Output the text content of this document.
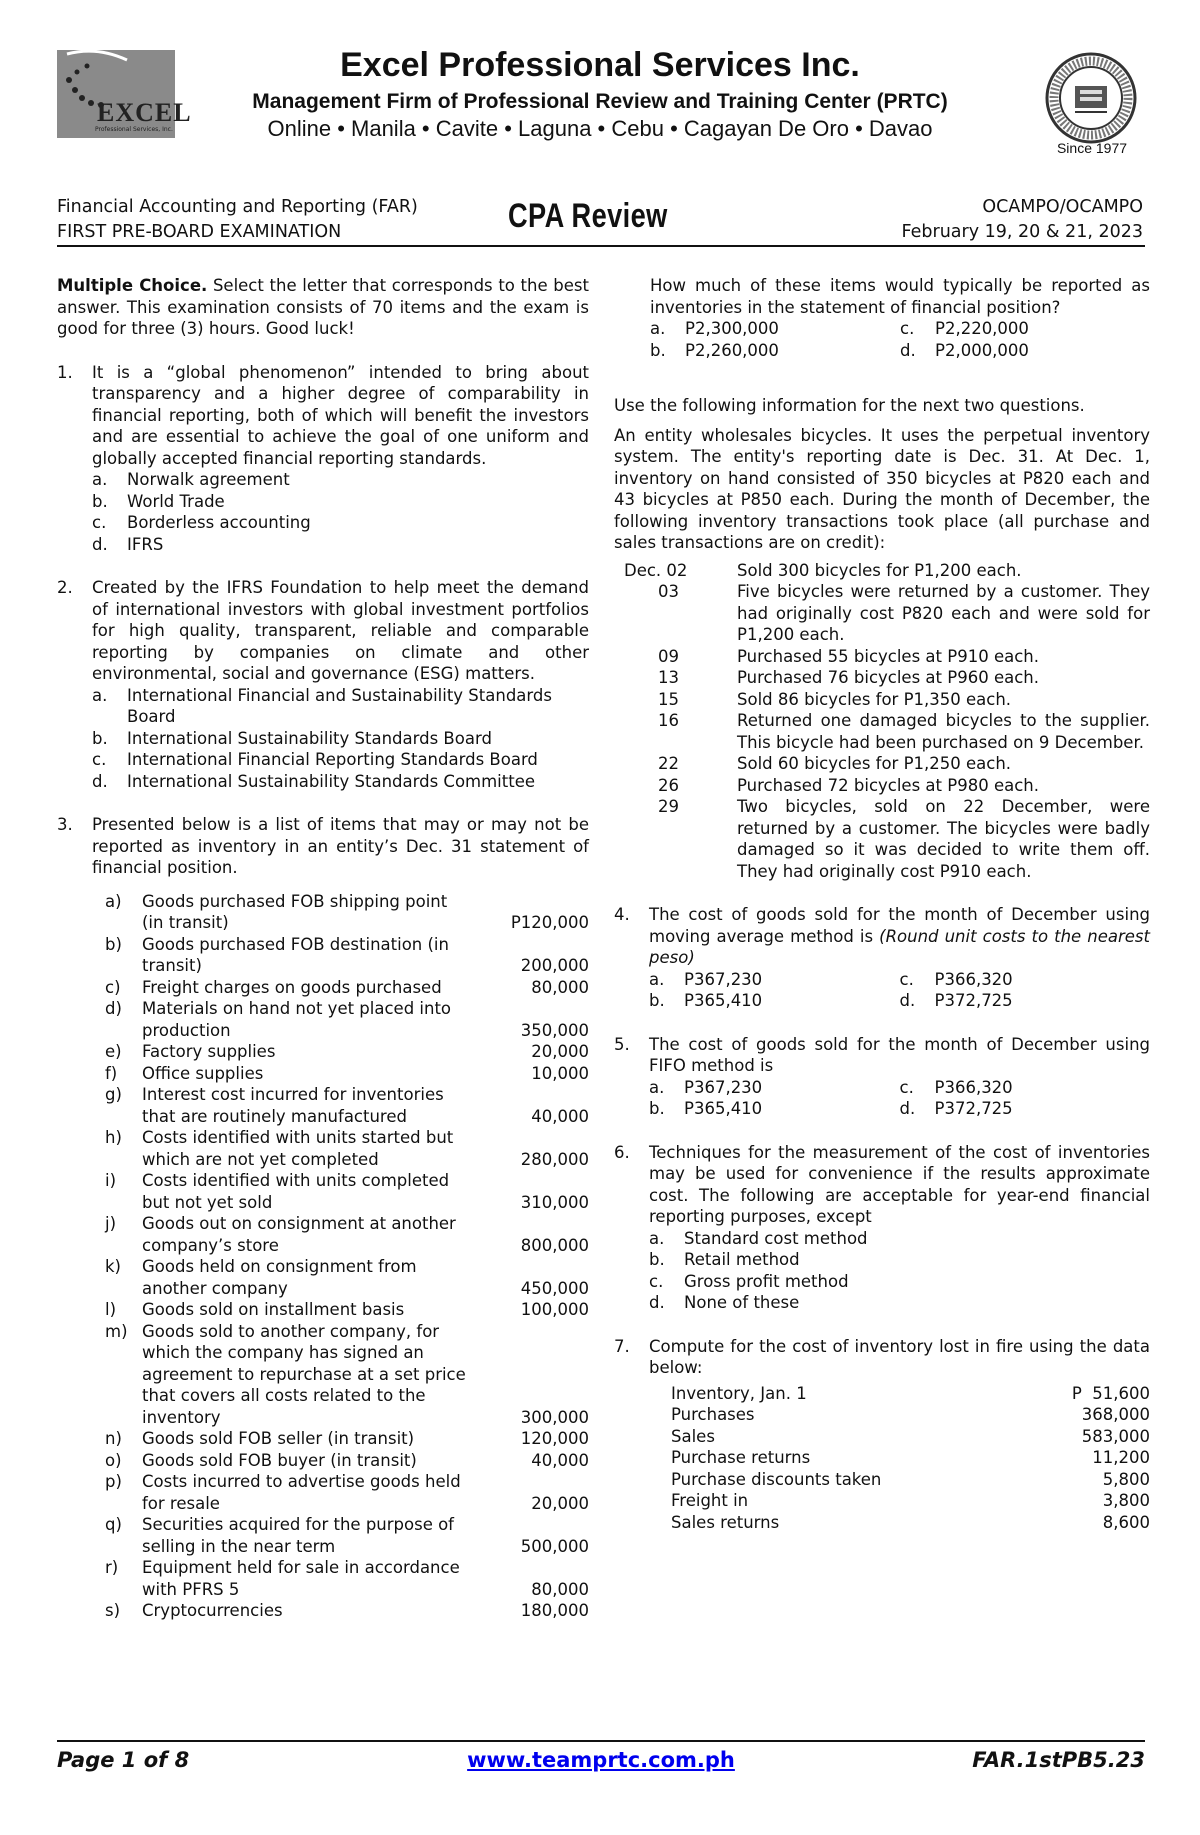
EXCEL
Professional Services, Inc.
Excel Professional Services Inc.
Management Firm of Professional Review and Training Center (PRTC)
Online • Manila • Cavite • Laguna • Cebu • Cagayan De Oro • Davao
Since 1977
Financial Accounting and Reporting (FAR)
FIRST PRE-BOARD EXAMINATION	CPA Review	OCAMPO/OCAMPO
February 19, 20 & 21, 2023

Multiple Choice. Select the letter that corresponds to the best answer. This examination consists of 70 items and the exam is good for three (3) hours. Good luck!

1.	It is a “global phenomenon” intended to bring about transparency and a higher degree of comparability in financial reporting, both of which will benefit the investors and are essential to achieve the goal of one uniform and globally accepted financial reporting standards.

a.	Norwalk agreement
b.	World Trade
c.	Borderless accounting
d.	IFRS
2.	Created by the IFRS Foundation to help meet the demand of international investors with global investment portfolios for high quality, transparent, reliable and comparable reporting by companies on climate and other environmental, social and governance (ESG) matters.

a.	International Financial and Sustainability Standards Board
b.	International Sustainability Standards Board
c.	International Financial Reporting Standards Board
d.	International Sustainability Standards Committee
3.	Presented below is a list of items that may or may not be reported as inventory in an entity’s Dec. 31 statement of financial position.

a)	Goods purchased FOB shipping point (in transit)	P120,000
b)	Goods purchased FOB destination (in transit)	200,000
c)	Freight charges on goods purchased	80,000
d)	Materials on hand not yet placed into production	350,000
e)	Factory supplies	20,000
f)	Office supplies	10,000
g)	Interest cost incurred for inventories that are routinely manufactured	40,000
h)	Costs identified with units started but which are not yet completed	280,000
i)	Costs identified with units completed but not yet sold	310,000
j)	Goods out on consignment at another company’s store	800,000
k)	Goods held on consignment from another company	450,000
l)	Goods sold on installment basis	100,000
m) Goods sold to another company, for which the company has signed an agreement to repurchase at a set price that covers all costs related to the inventory	300,000
n)	Goods sold FOB seller (in transit)	120,000
o)	Goods sold FOB buyer (in transit)	40,000
p)	Costs incurred to advertise goods held for resale	20,000
q)	Securities acquired for the purpose of selling in the near term	500,000
r)	Equipment held for sale in accordance with PFRS 5	80,000
s)	Cryptocurrencies	180,000

How much of these items would typically be reported as inventories in the statement of financial position?

a.	P2,300,000	c.	P2,220,000
b.	P2,260,000	d.	P2,000,000

Use the following information for the next two questions.

An entity wholesales bicycles. It uses the perpetual inventory system. The entity's reporting date is Dec. 31. At Dec. 1, inventory on hand consisted of 350 bicycles at P820 each and 43 bicycles at P850 each. During the month of December, the following inventory transactions took place (all purchase and sales transactions are on credit):

Dec. 02	Sold 300 bicycles for P1,200 each.
03	Five bicycles were returned by a customer. They had originally cost P820 each and were sold for P1,200 each.
09	Purchased 55 bicycles at P910 each.
13	Purchased 76 bicycles at P960 each.
15	Sold 86 bicycles for P1,350 each.
16	Returned one damaged bicycles to the supplier. This bicycle had been purchased on 9 December.
22	Sold 60 bicycles for P1,250 each.
26	Purchased 72 bicycles at P980 each.
29	Two bicycles, sold on 22 December, were returned by a customer. The bicycles were badly damaged so it was decided to write them off. They had originally cost P910 each.
4.	The cost of goods sold for the month of December using moving average method is (Round unit costs to the nearest peso)

a.	P367,230	c.	P366,320
b.	P365,410	d.	P372,725
5.	The cost of goods sold for the month of December using FIFO method is

a.	P367,230	c.	P366,320
b.	P365,410	d.	P372,725
6.	Techniques for the measurement of the cost of inventories may be used for convenience if the results approximate cost. The following are acceptable for year-end financial reporting purposes, except

a.	Standard cost method
b.	Retail method
c.	Gross profit method
d.	None of these
7.	Compute for the cost of inventory lost in fire using the data below:

Inventory, Jan. 1	P  51,600
Purchases	368,000
Sales	583,000
Purchase returns	11,200
Purchase discounts taken	5,800
Freight in	3,800
Sales returns	8,600
Page 1 of 8	www.teamprtc.com.ph	FAR.1stPB5.23
